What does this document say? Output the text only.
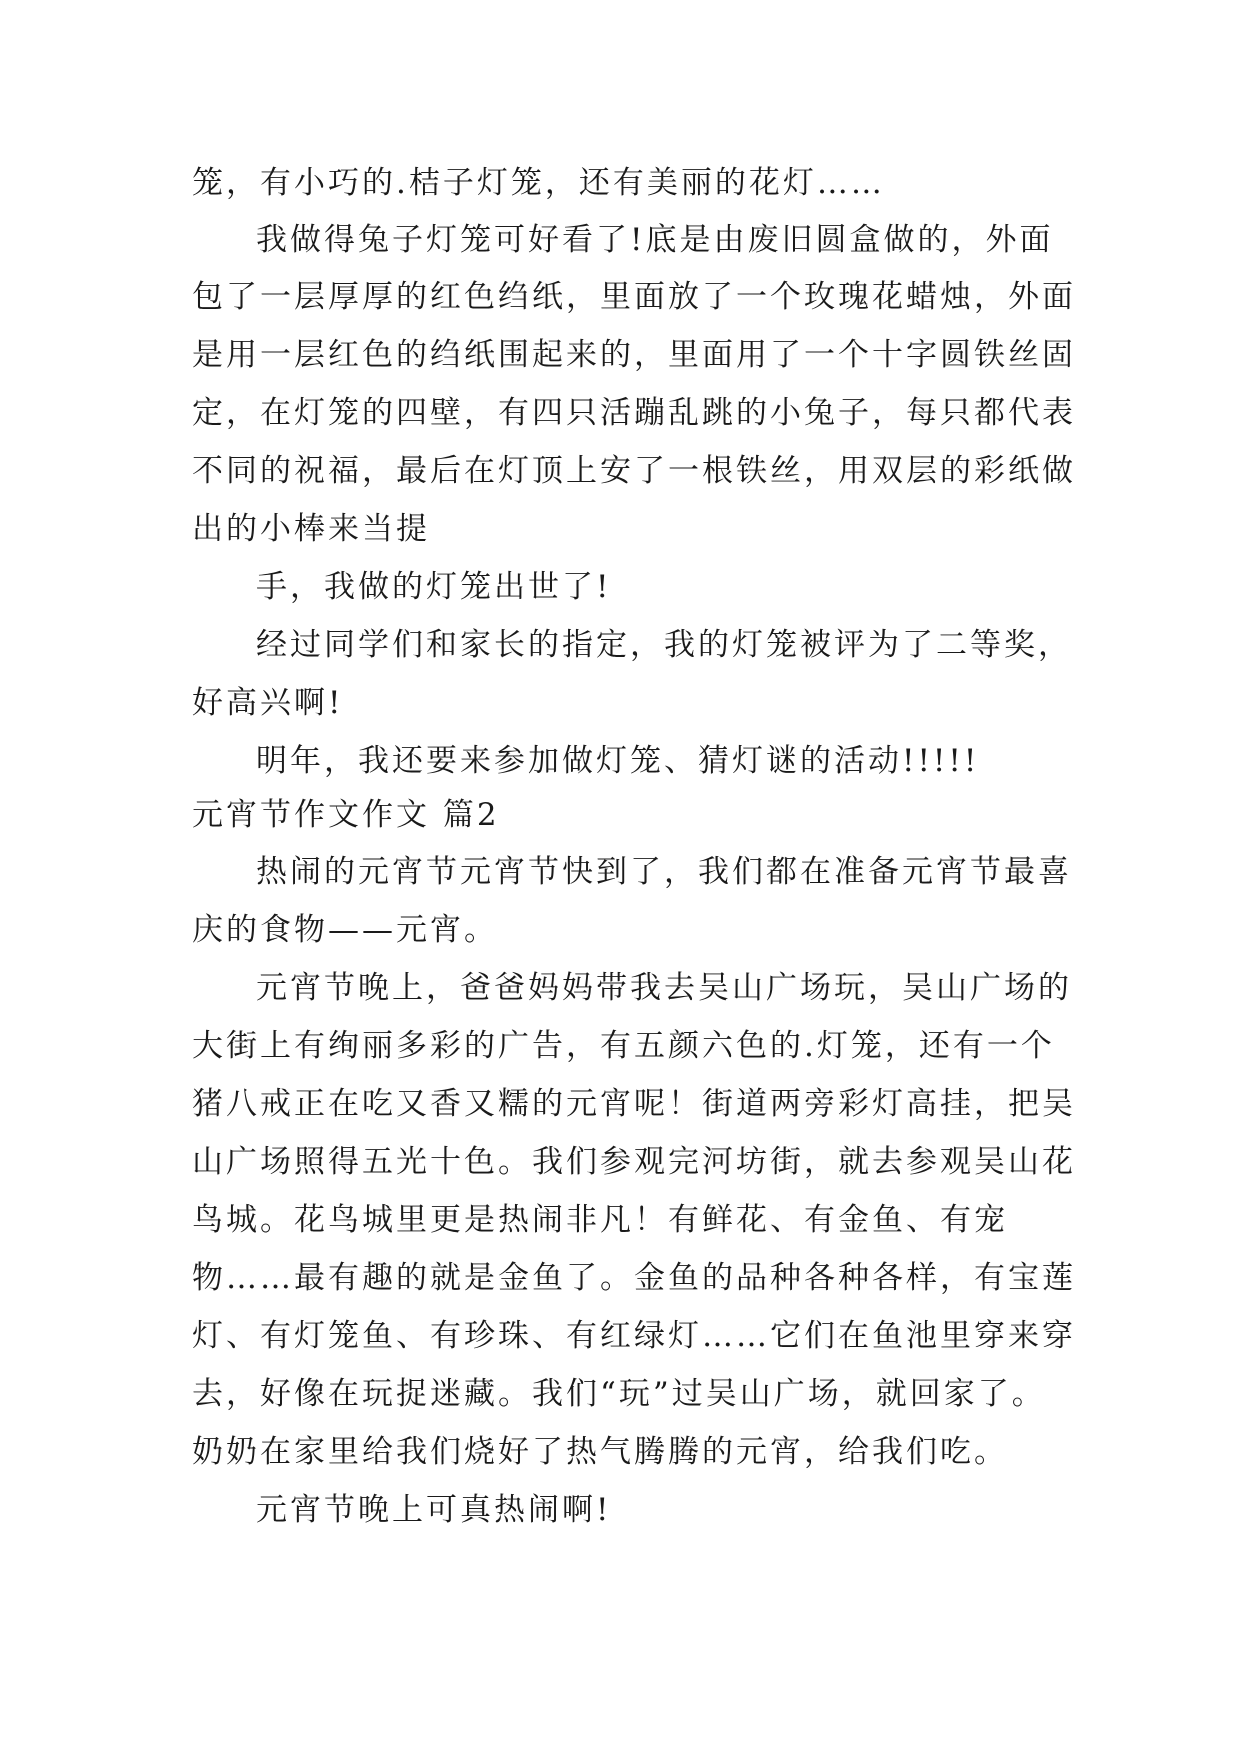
笼，有小巧的.桔子灯笼，还有美丽的花灯……
我做得兔子灯笼可好看了!底是由废旧圆盒做的，外面
包了一层厚厚的红色绉纸，里面放了一个玫瑰花蜡烛，外面
是用一层红色的绉纸围起来的，里面用了一个十字圆铁丝固
定，在灯笼的四壁，有四只活蹦乱跳的小兔子，每只都代表
不同的祝福，最后在灯顶上安了一根铁丝，用双层的彩纸做
出的小棒来当提
手，我做的灯笼出世了!
经过同学们和家长的指定，我的灯笼被评为了二等奖，
好高兴啊!
明年，我还要来参加做灯笼、猜灯谜的活动!!!!!
元宵节作文作文 篇2
热闹的元宵节元宵节快到了，我们都在准备元宵节最喜
庆的食物——元宵。
元宵节晚上，爸爸妈妈带我去吴山广场玩，吴山广场的
大街上有绚丽多彩的广告，有五颜六色的.灯笼，还有一个
猪八戒正在吃又香又糯的元宵呢！街道两旁彩灯高挂，把吴
山广场照得五光十色。我们参观完河坊街，就去参观吴山花
鸟城。花鸟城里更是热闹非凡！有鲜花、有金鱼、有宠
物……最有趣的就是金鱼了。金鱼的品种各种各样，有宝莲
灯、有灯笼鱼、有珍珠、有红绿灯……它们在鱼池里穿来穿
去，好像在玩捉迷藏。我们“玩”过吴山广场，就回家了。
奶奶在家里给我们烧好了热气腾腾的元宵，给我们吃。
元宵节晚上可真热闹啊!
